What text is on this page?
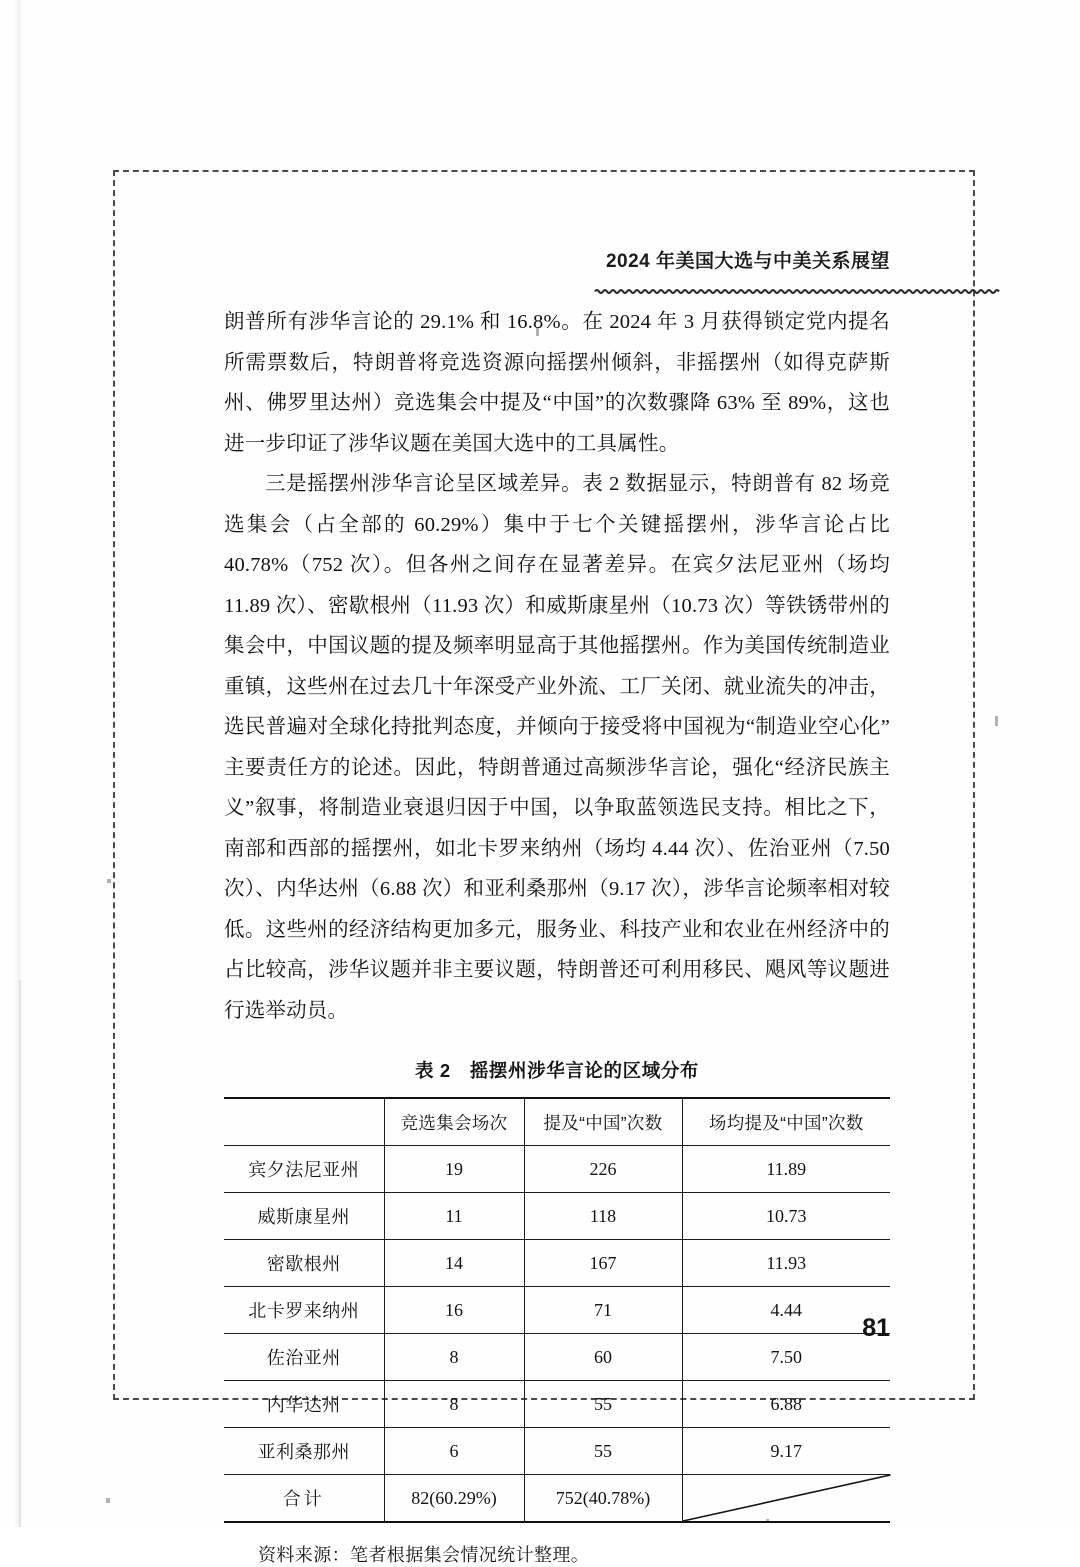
2024 年美国大选与中美关系展望

朗普所有涉华言论的 29.1% 和 16.8%。在 2024 年 3 月获得锁定党内提名所需票数后，特朗普将竞选资源向摇摆州倾斜，非摇摆州（如得克萨斯州、佛罗里达州）竞选集会中提及“中国”的次数骤降 63% 至 89%，这也进一步印证了涉华议题在美国大选中的工具属性。

三是摇摆州涉华言论呈区域差异。表 2 数据显示，特朗普有 82 场竞选集会（占全部的 60.29%）集中于七个关键摇摆州，涉华言论占比 40.78%（752 次）。但各州之间存在显著差异。在宾夕法尼亚州（场均 11.89 次）、密歇根州（11.93 次）和威斯康星州（10.73 次）等铁锈带州的集会中，中国议题的提及频率明显高于其他摇摆州。作为美国传统制造业重镇，这些州在过去几十年深受产业外流、工厂关闭、就业流失的冲击，选民普遍对全球化持批判态度，并倾向于接受将中国视为“制造业空心化”主要责任方的论述。因此，特朗普通过高频涉华言论，强化“经济民族主义”叙事，将制造业衰退归因于中国，以争取蓝领选民支持。相比之下，南部和西部的摇摆州，如北卡罗来纳州（场均 4.44 次）、佐治亚州（7.50 次）、内华达州（6.88 次）和亚利桑那州（9.17 次），涉华言论频率相对较低。这些州的经济结构更加多元，服务业、科技产业和农业在州经济中的占比较高，涉华议题并非主要议题，特朗普还可利用移民、飓风等议题进行选举动员。

表 2　摇摆州涉华言论的区域分布
	竞选集会场次	提及“中国”次数	场均提及“中国”次数
宾夕法尼亚州	19	226	11.89
威斯康星州	11	118	10.73
密歇根州	14	167	11.93
北卡罗来纳州	16	71	4.44
佐治亚州	8	60	7.50
内华达州	8	55	6.88
亚利桑那州	6	55	9.17
合计	82(60.29%)	752(40.78%)	
资料来源：笔者根据集会情况统计整理。
81
